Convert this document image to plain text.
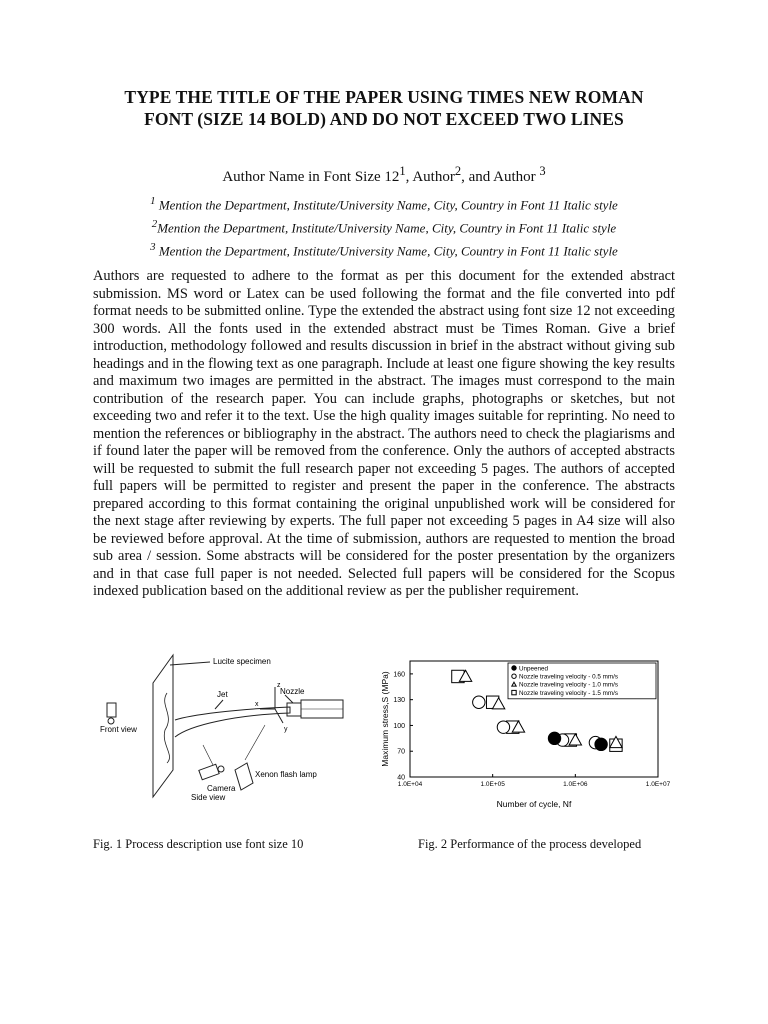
TYPE THE TITLE OF THE PAPER USING TIMES NEW ROMAN
FONT (SIZE 14 BOLD) AND DO NOT EXCEED TWO LINES
Author Name in Font Size $12^1$, Author$^2$, and Author $^3$
$^1$ Mention the Department, Institute/University Name, City, Country in Font 11 Italic style
$^2$Mention the Department, Institute/University Name, City, Country in Font 11 Italic style
$^3$ Mention the Department, Institute/University Name, City, Country in Font 11 Italic style

Authors are requested to adhere to the format as per this document for the extended abstract submission. MS word or Latex can be used following the format and the file converted into pdf format needs to be submitted online. Type the extended the abstract using font size 12 not exceeding 300 words. All the fonts used in the extended abstract must be Times Roman. Give a brief introduction, methodology followed and results discussion in brief in the abstract without giving sub headings and in the flowing text as one paragraph. Include at least one figure showing the key results and maximum two images are permitted in the abstract. The images must correspond to the main contribution of the research paper. You can include graphs, photographs or sketches, but not exceeding two and refer it to the text. Use the high quality images suitable for reprinting. No need to mention the references or bibliography in the abstract. The authors need to check the plagiarisms and if found later the paper will be removed from the conference. Only the authors of accepted abstracts will be requested to submit the full research paper not exceeding 5 pages. The authors of accepted full papers will be permitted to register and present the paper in the conference. The abstracts prepared according to this format containing the original unpublished work will be considered for the next stage after reviewing by experts. The full paper not exceeding 5 pages in A4 size will also be reviewed before approval. At the time of submission, authors are requested to mention the broad sub area / session. Some abstracts will be considered for the poster presentation by the organizers and in that case full paper is not needed. Selected full papers will be considered for the Scopus indexed publication based on the additional review as per the publisher requirement.

Lucite specimen
Jet	Nozzle
z
x
y
Front view
Camera
Side view
Xenon flash lamp	40
70
100
130
160
1.0E+04	1.0E+05	1.0E+06	1.0E+07
Number of cycle, Nf
Maximum stress,S (MPa)
Unpeened
Nozzle traveling velocity - 0.5 mm/s
Nozzle traveling velocity - 1.0 mm/s
Nozzle traveling velocity - 1.5 mm/s
Fig. 1 Process description use font size 10	Fig. 2 Performance of the process developed
